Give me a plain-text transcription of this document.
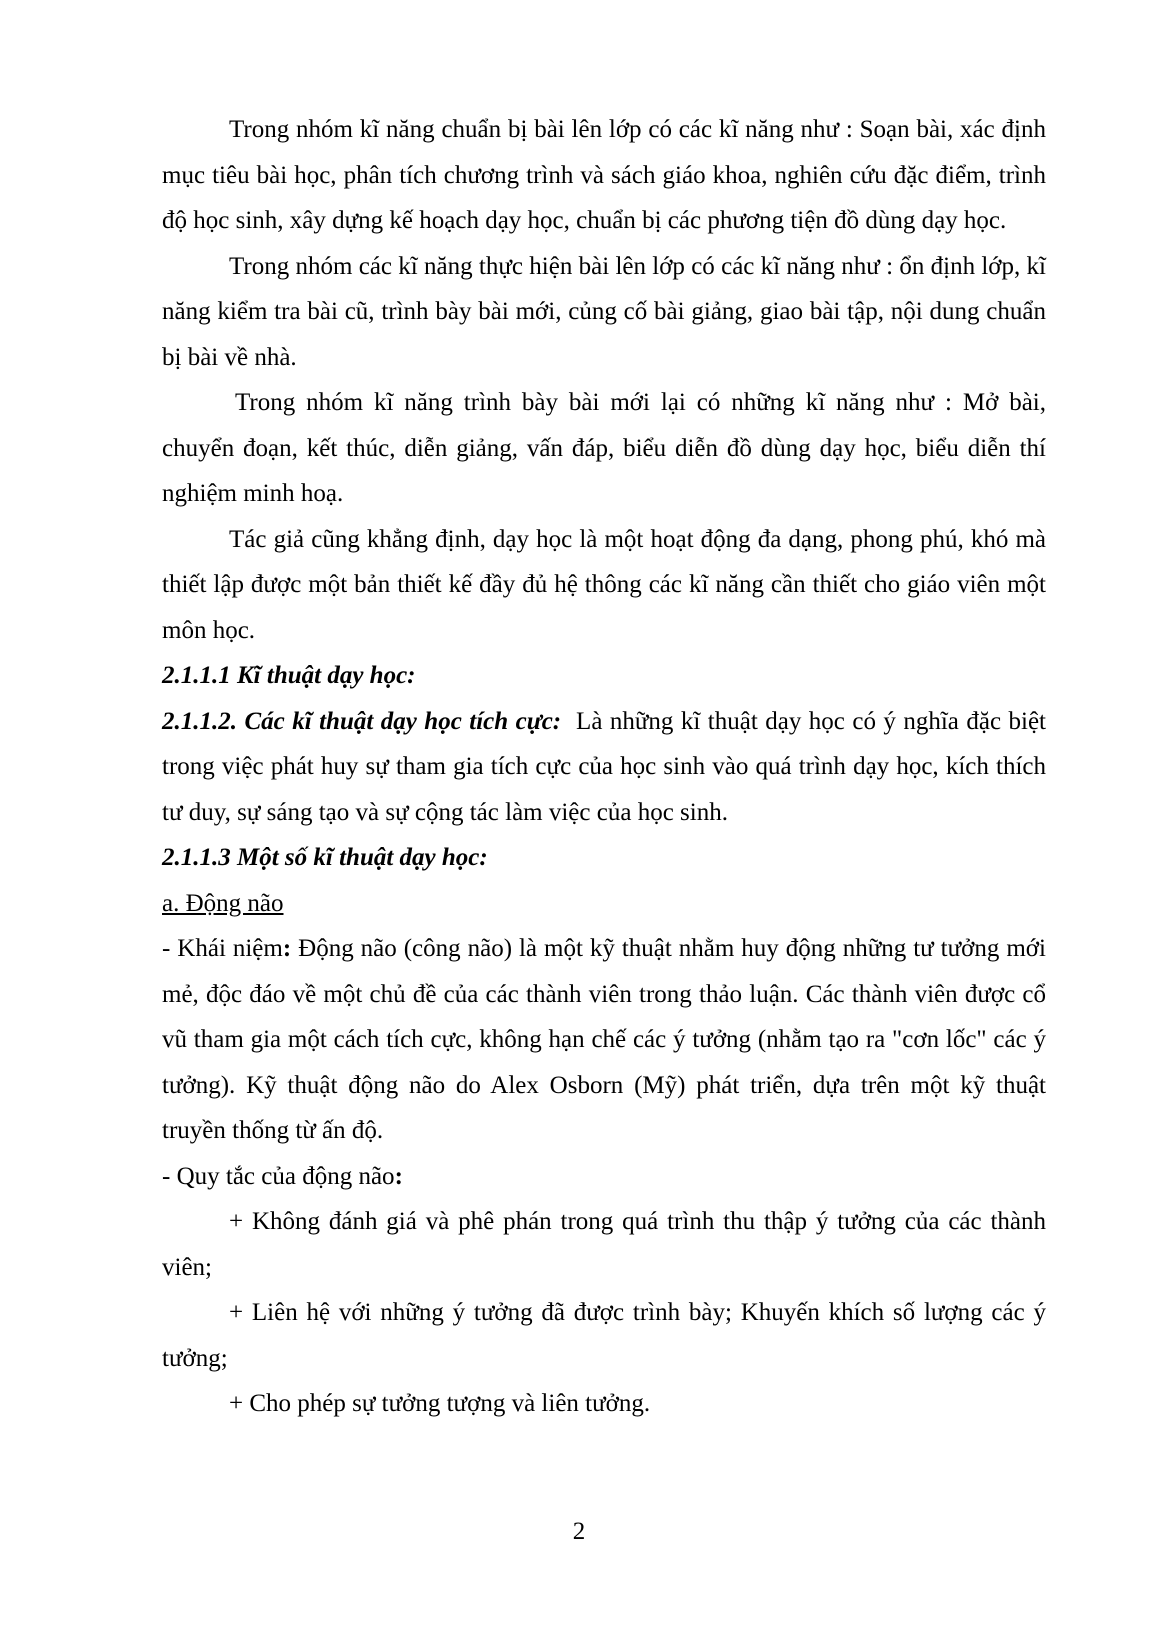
Trong nhóm kĩ năng chuẩn bị bài lên lớp có các kĩ năng như : Soạn bài, xác định mục tiêu bài học, phân tích chương trình và sách giáo khoa, nghiên cứu đặc điểm, trình độ học sinh, xây dựng kế hoạch dạy học, chuẩn bị các phương tiện đồ dùng dạy học.

Trong nhóm các kĩ năng thực hiện bài lên lớp có các kĩ năng như : ổn định lớp, kĩ năng kiểm tra bài cũ, trình bày bài mới, củng cố bài giảng, giao bài tập, nội dung chuẩn bị bài về nhà.

Trong nhóm kĩ năng trình bày bài mới lại có những kĩ năng như : Mở bài, chuyển đoạn, kết thúc, diễn giảng, vấn đáp, biểu diễn đồ dùng dạy học, biểu diễn thí nghiệm minh hoạ.

Tác giả cũng khẳng định, dạy học là một hoạt động đa dạng, phong phú, khó mà thiết lập được một bản thiết kế đầy đủ hệ thông các kĩ năng cần thiết cho giáo viên một môn học.

2.1.1.1 Kĩ thuật dạy học:

2.1.1.2. Các kĩ thuật dạy học tích cực: Là những kĩ thuật dạy học có ý nghĩa đặc biệt trong việc phát huy sự tham gia tích cực của học sinh vào quá trình dạy học, kích thích tư duy, sự sáng tạo và sự cộng tác làm việc của học sinh.

2.1.1.3 Một số kĩ thuật dạy học:

a. Động não

- Khái niệm: Động não (công não) là một kỹ thuật nhằm huy động những tư tưởng mới mẻ, độc đáo về một chủ đề của các thành viên trong thảo luận. Các thành viên được cổ vũ tham gia một cách tích cực, không hạn chế các ý tưởng (nhằm tạo ra "cơn lốc" các ý tưởng). Kỹ thuật động não do Alex Osborn (Mỹ) phát triển, dựa trên một kỹ thuật truyền thống từ ấn độ.

- Quy tắc của động não:

+ Không đánh giá và phê phán trong quá trình thu thập ý tưởng của các thành viên;

+ Liên hệ với những ý tưởng đã được trình bày; Khuyến khích số lượng các ý tưởng;

+ Cho phép sự tưởng tượng và liên tưởng.

2
